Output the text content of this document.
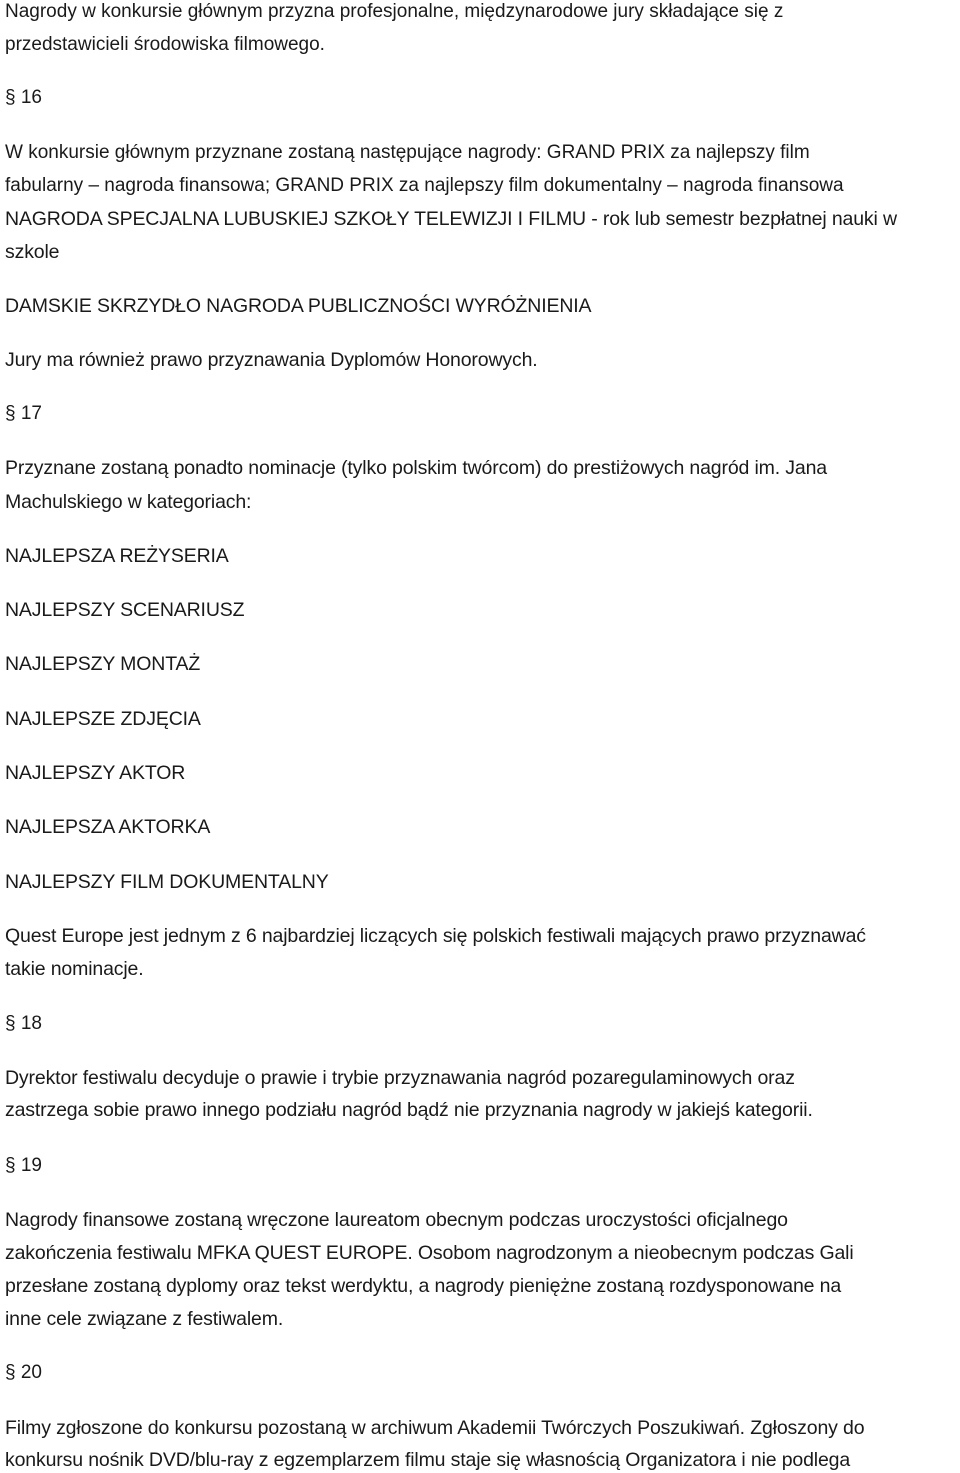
Nagrody w konkursie głównym przyzna profesjonalne, międzynarodowe jury składające się z
przedstawicieli środowiska filmowego.
§ 16
W konkursie głównym przyznane zostaną następujące nagrody: GRAND PRIX za najlepszy film
fabularny – nagroda finansowa; GRAND PRIX za najlepszy film dokumentalny – nagroda finansowa
NAGRODA SPECJALNA LUBUSKIEJ SZKOŁY TELEWIZJI I FILMU - rok lub semestr bezpłatnej nauki w
szkole
DAMSKIE SKRZYDŁO NAGRODA PUBLICZNOŚCI WYRÓŻNIENIA
Jury ma również prawo przyznawania Dyplomów Honorowych.
§ 17
Przyznane zostaną ponadto nominacje (tylko polskim twórcom) do prestiżowych nagród im. Jana
Machulskiego w kategoriach:
NAJLEPSZA REŻYSERIA
NAJLEPSZY SCENARIUSZ
NAJLEPSZY MONTAŻ
NAJLEPSZE ZDJĘCIA
NAJLEPSZY AKTOR
NAJLEPSZA AKTORKA
NAJLEPSZY FILM DOKUMENTALNY
Quest Europe jest jednym z 6 najbardziej liczących się polskich festiwali mających prawo przyznawać
takie nominacje.
§ 18
Dyrektor festiwalu decyduje o prawie i trybie przyznawania nagród pozaregulaminowych oraz
zastrzega sobie prawo innego podziału nagród bądź nie przyznania nagrody w jakiejś kategorii.
§ 19
Nagrody finansowe zostaną wręczone laureatom obecnym podczas uroczystości oficjalnego
zakończenia festiwalu MFKA QUEST EUROPE. Osobom nagrodzonym a nieobecnym podczas Gali
przesłane zostaną dyplomy oraz tekst werdyktu, a nagrody pieniężne zostaną rozdysponowane na
inne cele związane z festiwalem.
§ 20
Filmy zgłoszone do konkursu pozostaną w archiwum Akademii Twórczych Poszukiwań. Zgłoszony do
konkursu nośnik DVD/blu-ray z egzemplarzem filmu staje się własnością Organizatora i nie podlega
